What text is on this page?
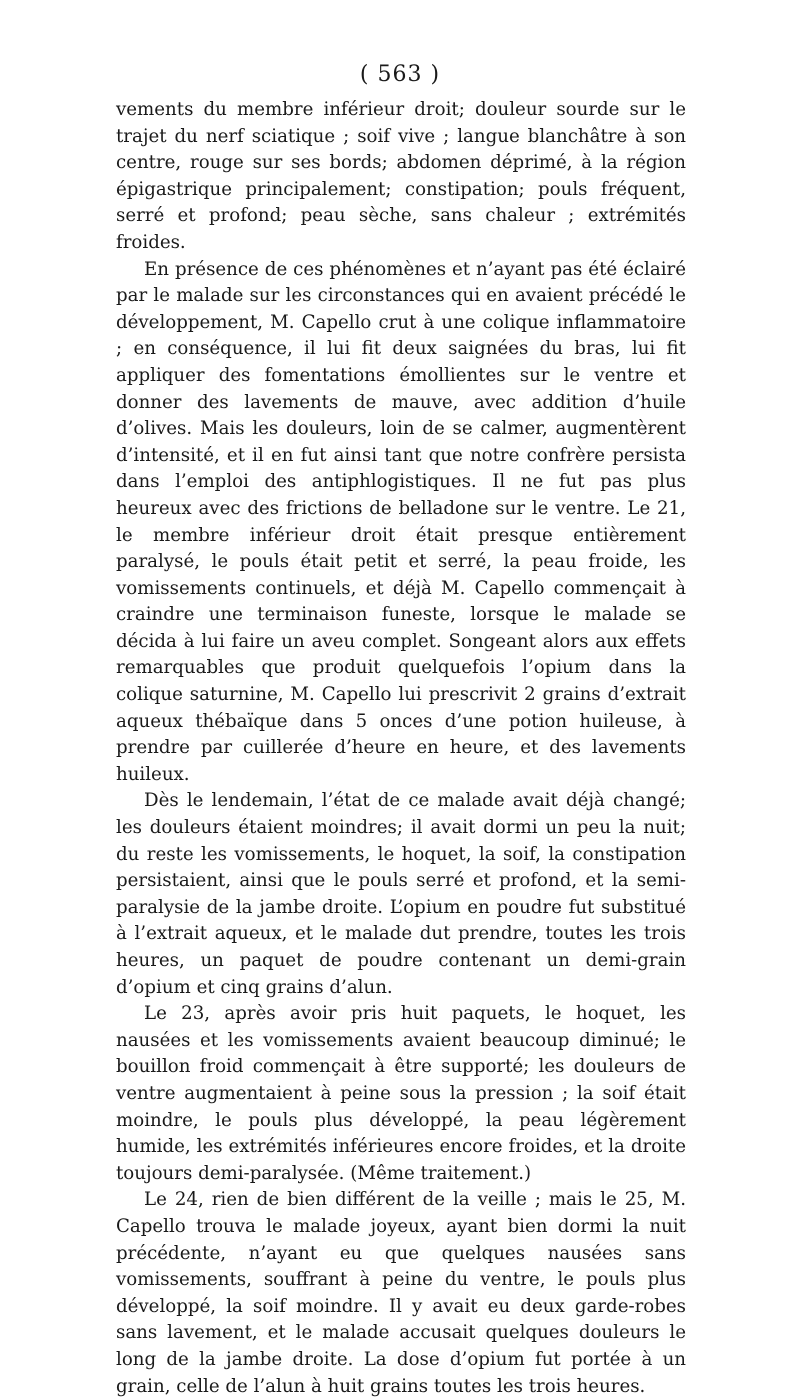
( 563 )

vements du membre inférieur droit; douleur sourde sur le trajet du nerf sciatique ; soif vive ; langue blanchâtre à son centre, rouge sur ses bords; abdomen déprimé, à la région épigastrique principalement; constipation; pouls fréquent, serré et profond; peau sèche, sans chaleur ; extrémités froides.

En présence de ces phénomènes et n’ayant pas été éclairé par le malade sur les circonstances qui en avaient précédé le développement, M. Capello crut à une colique inflammatoire ; en conséquence, il lui fit deux saignées du bras, lui fit appliquer des fomentations émollientes sur le ventre et donner des lavements de mauve, avec addition d’huile d’olives. Mais les douleurs, loin de se calmer, augmentèrent d’intensité, et il en fut ainsi tant que notre confrère persista dans l’emploi des antiphlogistiques. Il ne fut pas plus heureux avec des frictions de belladone sur le ventre. Le 21, le membre inférieur droit était presque entièrement paralysé, le pouls était petit et serré, la peau froide, les vomissements continuels, et déjà M. Capello commençait à craindre une terminaison funeste, lorsque le malade se décida à lui faire un aveu complet. Songeant alors aux effets remarquables que produit quelquefois l’opium dans la colique saturnine, M. Capello lui prescrivit 2 grains d’extrait aqueux thébaïque dans 5 onces d’une potion huileuse, à prendre par cuillerée d’heure en heure, et des lavements huileux.

Dès le lendemain, l’état de ce malade avait déjà changé; les douleurs étaient moindres; il avait dormi un peu la nuit; du reste les vomissements, le hoquet, la soif, la constipation persistaient, ainsi que le pouls serré et profond, et la semi-paralysie de la jambe droite. L’opium en poudre fut substitué à l’extrait aqueux, et le malade dut prendre, toutes les trois heures, un paquet de poudre contenant un demi-grain d’opium et cinq grains d’alun.

Le 23, après avoir pris huit paquets, le hoquet, les nausées et les vomissements avaient beaucoup diminué; le bouillon froid commençait à être supporté; les douleurs de ventre augmentaient à peine sous la pression ; la soif était moindre, le pouls plus développé, la peau légèrement humide, les extrémités inférieures encore froides, et la droite toujours demi-paralysée. (Même traitement.)

Le 24, rien de bien différent de la veille ; mais le 25, M. Capello trouva le malade joyeux, ayant bien dormi la nuit précédente, n’ayant eu que quelques nausées sans vomissements, souffrant à peine du ventre, le pouls plus développé, la soif moindre. Il y avait eu deux garde-robes sans lavement, et le malade accusait quelques douleurs le long de la jambe droite. La dose d’opium fut portée à un grain, celle de l’alun à huit grains toutes les trois heures.
